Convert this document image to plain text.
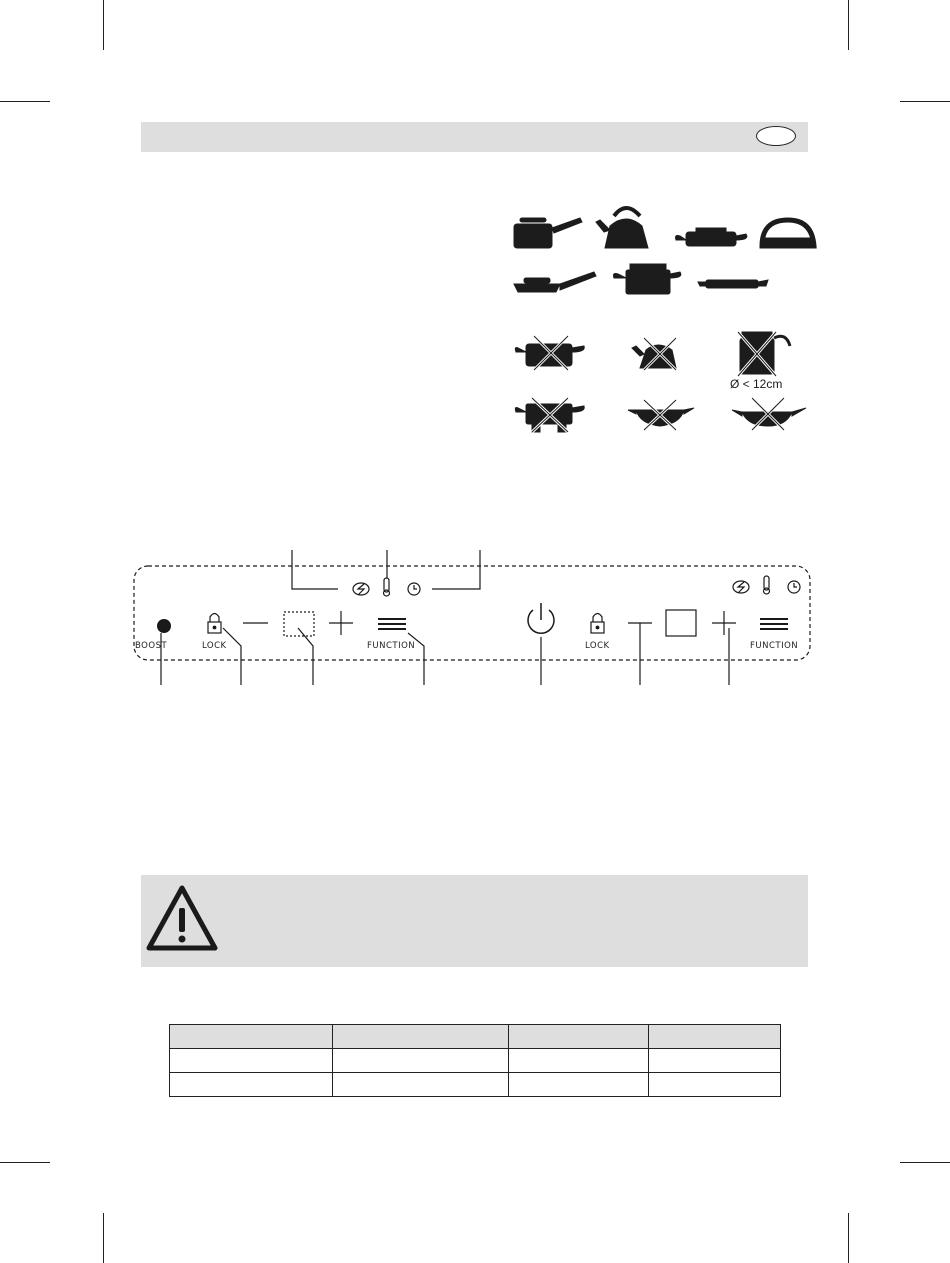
Ø < 12cm
BOOST	LOCK	FUNCTION	LOCK	FUNCTION
